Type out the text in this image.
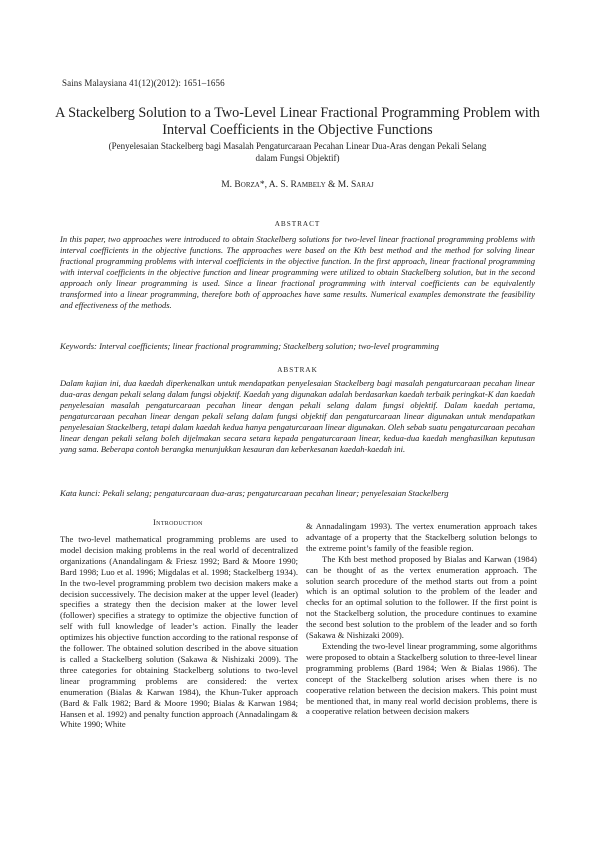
Sains Malaysiana 41(12)(2012): 1651–1656
A Stackelberg Solution to a Two-Level Linear Fractional Programming Problem with Interval Coefficients in the Objective Functions
(Penyelesaian Stackelberg bagi Masalah Pengaturcaraan Pecahan Linear Dua-Aras dengan Pekali Selang dalam Fungsi Objektif)
M. Borza*, A. S. Rambely & M. Saraj
ABSTRACT
In this paper, two approaches were introduced to obtain Stackelberg solutions for two-level linear fractional programming problems with interval coefficients in the objective functions. The approaches were based on the Kth best method and the method for solving linear fractional programming problems with interval coefficients in the objective function. In the first approach, linear fractional programming with interval coefficients in the objective function and linear programming were utilized to obtain Stackelberg solution, but in the second approach only linear programming is used. Since a linear fractional programming with interval coefficients can be equivalently transformed into a linear programming, therefore both of approaches have same results. Numerical examples demonstrate the feasibility and effectiveness of the methods.
Keywords: Interval coefficients; linear fractional programming; Stackelberg solution; two-level programming
ABSTRAK
Dalam kajian ini, dua kaedah diperkenalkan untuk mendapatkan penyelesaian Stackelberg bagi masalah pengaturcaraan pecahan linear dua-aras dengan pekali selang dalam fungsi objektif. Kaedah yang digunakan adalah berdasarkan kaedah terbaik peringkat-K dan kaedah penyelesaian masalah pengaturcaraan pecahan linear dengan pekali selang dalam fungsi objektif. Dalam kaedah pertama, pengaturcaraan pecahan linear dengan pekali selang dalam fungsi objektif dan pengaturcaraan linear digunakan untuk mendapatkan penyelesaian Stackelberg, tetapi dalam kaedah kedua hanya pengaturcaraan linear digunakan. Oleh sebab suatu pengaturcaraan pecahan linear dengan pekali selang boleh dijelmakan secara setara kepada pengaturcaraan linear, kedua-dua kaedah menghasilkan keputusan yang sama. Beberapa contoh berangka menunjukkan kesauran dan keberkesanan kaedah-kaedah ini.
Kata kunci: Pekali selang; pengaturcaraan dua-aras; pengaturcaraan pecahan linear; penyelesaian Stackelberg
Introduction

The two-level mathematical programming problems are used to model decision making problems in the real world of decentralized organizations (Anandalingam & Friesz 1992; Bard & Moore 1990; Bard 1998; Luo et al. 1996; Migdalas et al. 1998; Stackelberg 1934). In the two-level programming problem two decision makers make a decision successively. The decision maker at the upper level (leader) specifies a strategy then the decision maker at the lower level (follower) specifies a strategy to optimize the objective function of self with full knowledge of leader’s action. Finally the leader optimizes his objective function according to the rational response of the follower. The obtained solution described in the above situation is called a Stackelberg solution (Sakawa & Nishizaki 2009). The three categories for obtaining Stackelberg solutions to two-level linear programming problems are considered: the vertex enumeration (Bialas & Karwan 1984), the Khun-Tuker approach (Bard & Falk 1982; Bard & Moore 1990; Bialas & Karwan 1984; Hansen et al. 1992) and penalty function approach (Annadalingam & White 1990; White

& Annadalingam 1993). The vertex enumeration approach takes advantage of a property that the Stackelberg solution belongs to the extreme point’s family of the feasible region.

The Kth best method proposed by Bialas and Karwan (1984) can be thought of as the vertex enumeration approach. The solution search procedure of the method starts out from a point which is an optimal solution to the problem of the leader and checks for an optimal solution to the follower. If the first point is not the Stackelberg solution, the procedure continues to examine the second best solution to the problem of the leader and so forth (Sakawa & Nishizaki 2009).

Extending the two-level linear programming, some algorithms were proposed to obtain a Stackelberg solution to three-level linear programming problems (Bard 1984; Wen & Bialas 1986). The concept of the Stackelberg solution arises when there is no cooperative relation between the decision makers. This point must be mentioned that, in many real world decision problems, there is a cooperative relation between decision makers
